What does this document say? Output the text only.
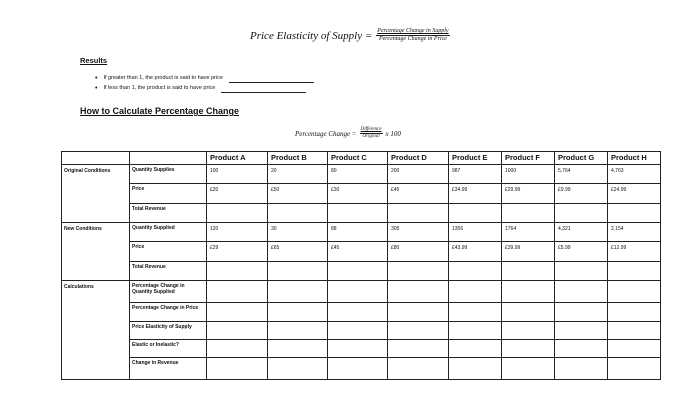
Price Elasticity of Supply = $\frac{\text{Percentage Change in Supply}}{\text{Percentage Change in Price}}$
Results
• If greater than 1, the product is said to have price
• If less than 1, the product is said to have price
How to Calculate Percentage Change
Percentage Change = $\frac{\text{Difference}}{\text{Original}}$ x 100
		Product A	Product B	Product C	Product D	Product E	Product F	Product G	Product H
Original Conditions	Quantity Supplies	100	20	80	200	987	1000	5,764	4,763
	Price	£20	£50	£30	£45	£34.99	£29.99	£9.99	£24.99
	Total Revenue								
New Conditions	Quantity Supplied	120	30	88	305	1356	1764	4,321	2,154
	Price	£29	£65	£45	£80	£43.99	£39.99	£5.99	£12.99
	Total Revenue								
Calculations	Percentage Change in Quantity Supplied								
	Percentage Change in Price								
	Price Elasticity of Supply								
	Elastic or Inelastic?								
	Change in Revenue								
